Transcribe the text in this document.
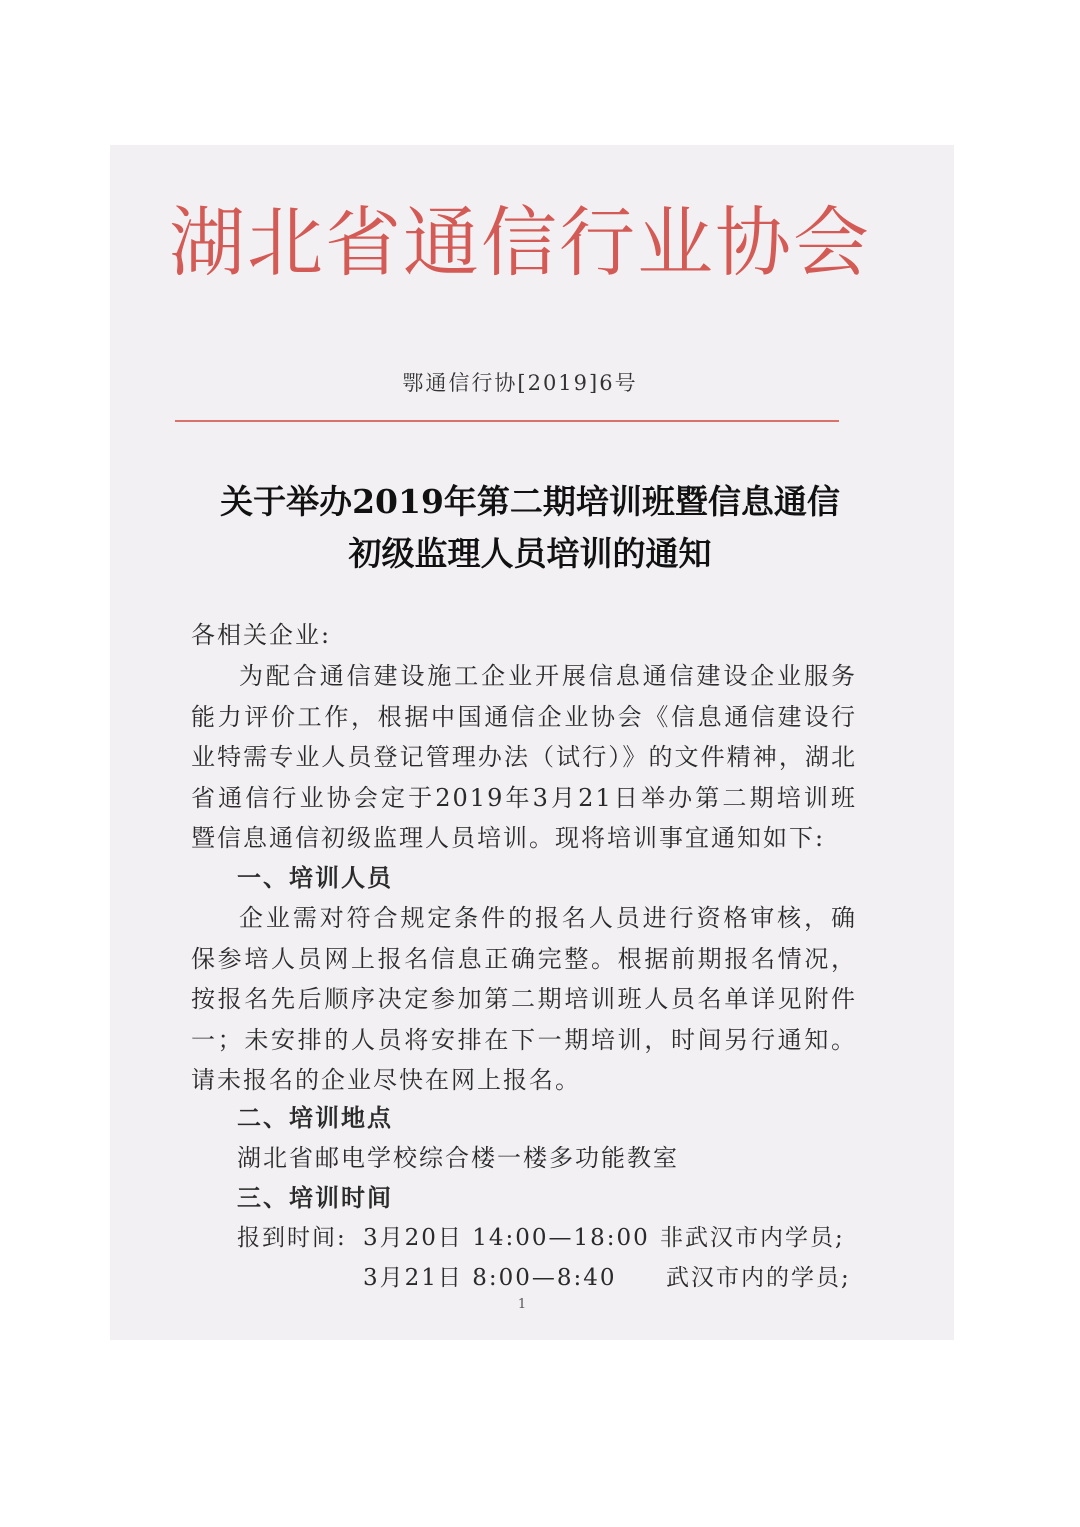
湖北省通信行业协会
鄂通信行协[2019]6号
关于举办2019年第二期培训班暨信息通信
初级监理人员培训的通知
各相关企业:
为配合通信建设施工企业开展信息通信建设企业服务能力评价工作，根据中国通信企业协会《信息通信建设行业特需专业人员登记管理办法（试行）》的文件精神，湖北省通信行业协会定于2019年3月21日举办第二期培训班暨信息通信初级监理人员培训。现将培训事宜通知如下:
一、培训人员
企业需对符合规定条件的报名人员进行资格审核，确保参培人员网上报名信息正确完整。根据前期报名情况，按报名先后顺序决定参加第二期培训班人员名单详见附件一；未安排的人员将安排在下一期培训，时间另行通知。请未报名的企业尽快在网上报名。
二、培训地点
湖北省邮电学校综合楼一楼多功能教室
三、培训时间
报到时间: 3月20日 14:00—18:00 非武汉市内学员;
3月21日 8:00—8:40 武汉市内的学员;
1
